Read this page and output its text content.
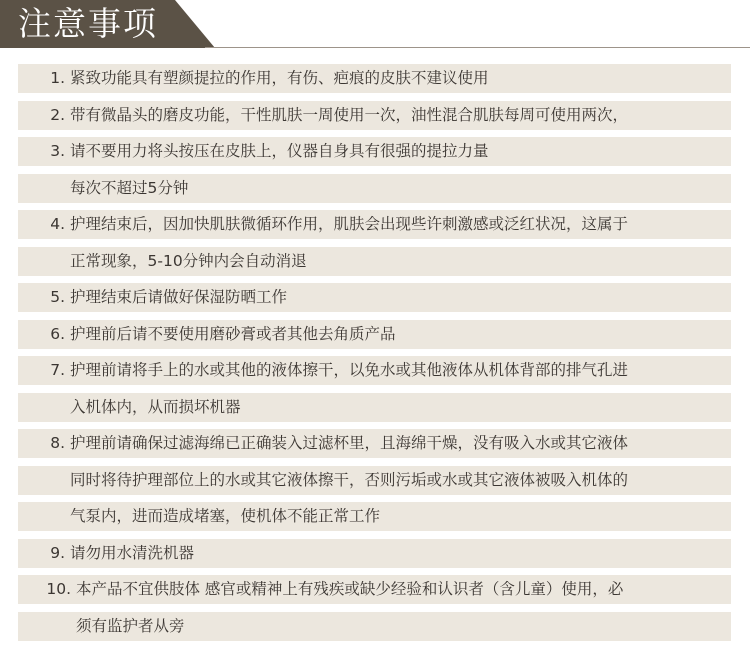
注意事项
1. 紧致功能具有塑颜提拉的作用，有伤、疤痕的皮肤不建议使用
2. 带有微晶头的磨皮功能，干性肌肤一周使用一次，油性混合肌肤每周可使用两次，
3. 请不要用力将头按压在皮肤上，仪器自身具有很强的提拉力量
每次不超过5分钟
4. 护理结束后，因加快肌肤微循环作用，肌肤会出现些许刺激感或泛红状况，这属于
正常现象，5-10分钟内会自动消退
5. 护理结束后请做好保湿防晒工作
6. 护理前后请不要使用磨砂膏或者其他去角质产品
7. 护理前请将手上的水或其他的液体擦干，以免水或其他液体从机体背部的排气孔进
入机体内，从而损坏机器
8. 护理前请确保过滤海绵已正确装入过滤杯里，且海绵干燥，没有吸入水或其它液体
同时将待护理部位上的水或其它液体擦干，否则污垢或水或其它液体被吸入机体的
气泵内，进而造成堵塞，使机体不能正常工作
9. 请勿用水清洗机器
10. 本产品不宜供肢体 感官或精神上有残疾或缺少经验和认识者（含儿童）使用，必
须有监护者从旁
